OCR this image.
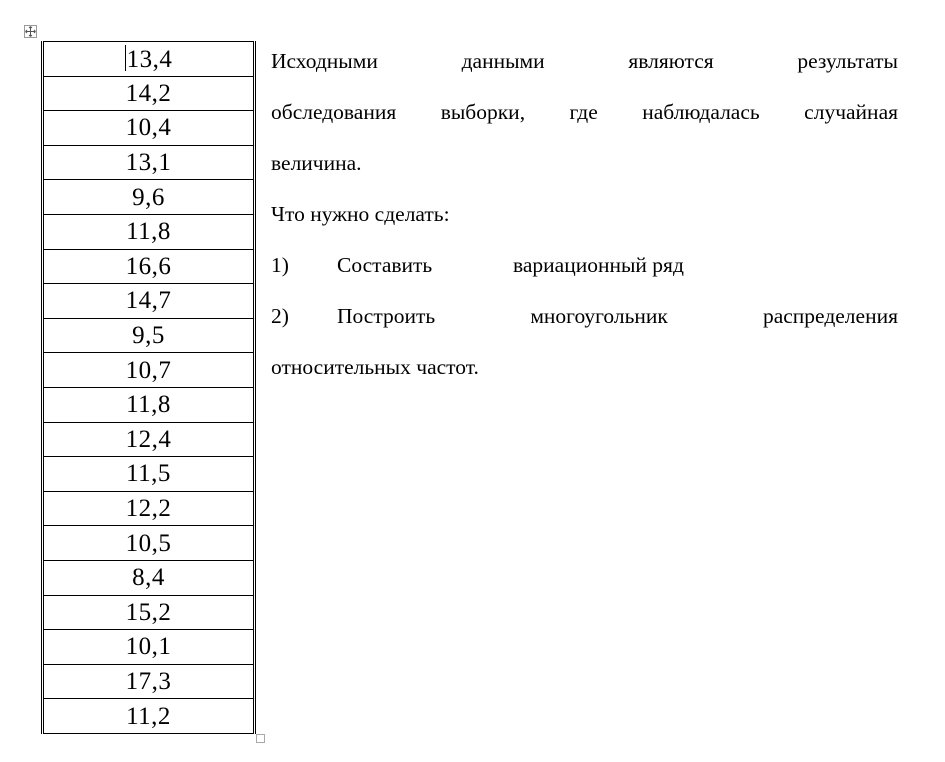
13,4
14,2
10,4
13,1
9,6
11,8
16,6
14,7
9,5
10,7
11,8
12,4
11,5
12,2
10,5
8,4
15,2
10,1
17,3
11,2
Исходными	данными	являются	результаты

обследования выборки, где наблюдалась случайная

величина.

Что нужно сделать:

1)	Составить	вариационный ряд
2)	Построить	многоугольник	распределения

относительных частот.
